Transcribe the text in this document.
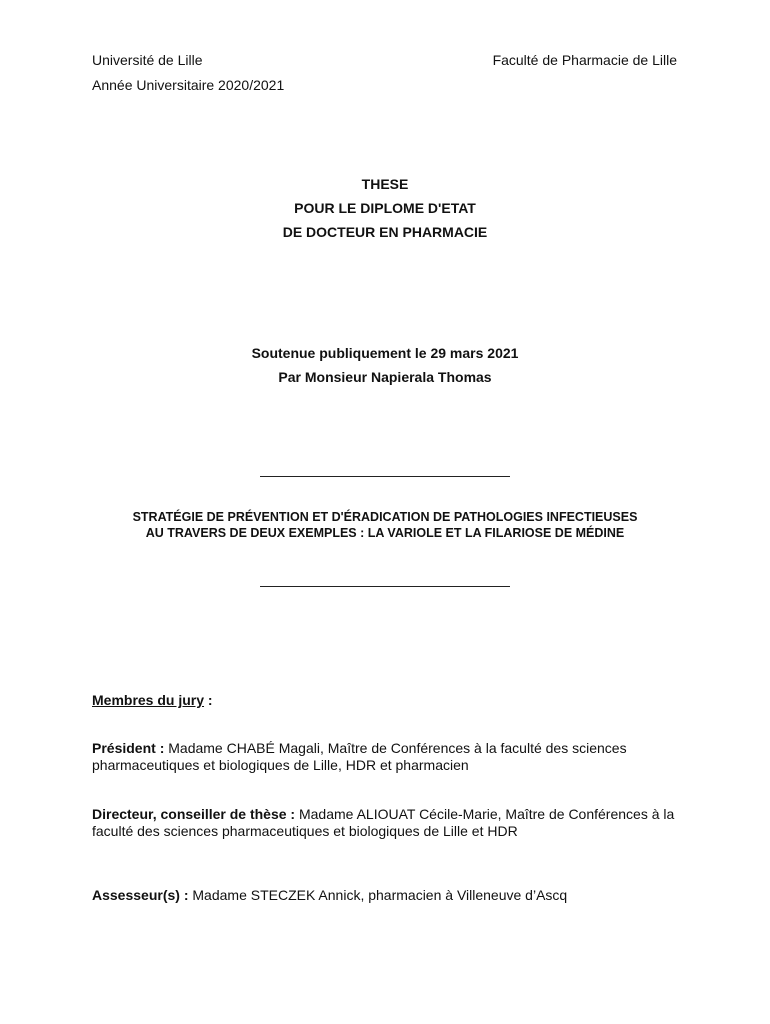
Université de Lille
Année Universitaire 2020/2021
Faculté de Pharmacie de Lille
THESE
POUR LE DIPLOME D'ETAT
DE DOCTEUR EN PHARMACIE
Soutenue publiquement le 29 mars 2021
Par Monsieur Napierala Thomas
STRATÉGIE DE PRÉVENTION ET D'ÉRADICATION DE PATHOLOGIES INFECTIEUSES
AU TRAVERS DE DEUX EXEMPLES : LA VARIOLE ET LA FILARIOSE DE MÉDINE
Membres du jury :
Président : Madame CHABÉ Magali, Maître de Conférences à la faculté des sciences pharmaceutiques et biologiques de Lille, HDR et pharmacien
Directeur, conseiller de thèse : Madame ALIOUAT Cécile-Marie, Maître de Conférences à la faculté des sciences pharmaceutiques et biologiques de Lille et HDR
Assesseur(s) : Madame STECZEK Annick, pharmacien à Villeneuve d’Ascq
